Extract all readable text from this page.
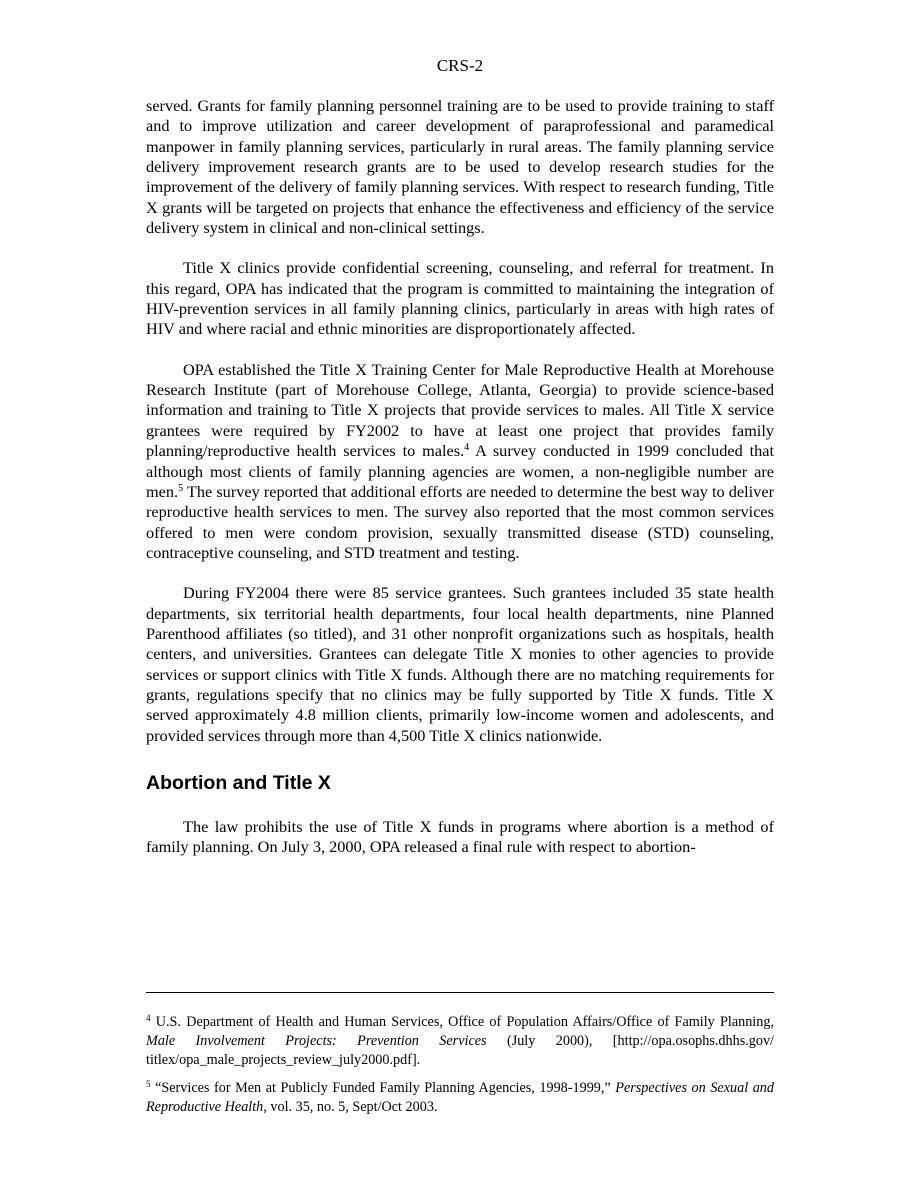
CRS-2

served. Grants for family planning personnel training are to be used to provide training to staff and to improve utilization and career development of paraprofessional and paramedical manpower in family planning services, particularly in rural areas. The family planning service delivery improvement research grants are to be used to develop research studies for the improvement of the delivery of family planning services. With respect to research funding, Title X grants will be targeted on projects that enhance the effectiveness and efficiency of the service delivery system in clinical and non-clinical settings.

Title X clinics provide confidential screening, counseling, and referral for treatment. In this regard, OPA has indicated that the program is committed to maintaining the integration of HIV-prevention services in all family planning clinics, particularly in areas with high rates of HIV and where racial and ethnic minorities are disproportionately affected.

OPA established the Title X Training Center for Male Reproductive Health at Morehouse Research Institute (part of Morehouse College, Atlanta, Georgia) to provide science-based information and training to Title X projects that provide services to males. All Title X service grantees were required by FY2002 to have at least one project that provides family planning/reproductive health services to males.$^4$ A survey conducted in 1999 concluded that although most clients of family planning agencies are women, a non-negligible number are men.$^5$ The survey reported that additional efforts are needed to determine the best way to deliver reproductive health services to men. The survey also reported that the most common services offered to men were condom provision, sexually transmitted disease (STD) counseling, contraceptive counseling, and STD treatment and testing.

During FY2004 there were 85 service grantees. Such grantees included 35 state health departments, six territorial health departments, four local health departments, nine Planned Parenthood affiliates (so titled), and 31 other nonprofit organizations such as hospitals, health centers, and universities. Grantees can delegate Title X monies to other agencies to provide services or support clinics with Title X funds. Although there are no matching requirements for grants, regulations specify that no clinics may be fully supported by Title X funds. Title X served approximately 4.8 million clients, primarily low-income women and adolescents, and provided services through more than 4,500 Title X clinics nationwide.

Abortion and Title X

The law prohibits the use of Title X funds in programs where abortion is a method of family planning. On July 3, 2000, OPA released a final rule with respect to abortion-

$^4$ U.S. Department of Health and Human Services, Office of Population Affairs/Office of Family Planning, Male Involvement Projects: Prevention Services (July 2000), [http://opa.osophs.dhhs.gov/ titlex/opa_male_projects_review_july2000.pdf].

$^5$ “Services for Men at Publicly Funded Family Planning Agencies, 1998-1999,” Perspectives on Sexual and Reproductive Health, vol. 35, no. 5, Sept/Oct 2003.
